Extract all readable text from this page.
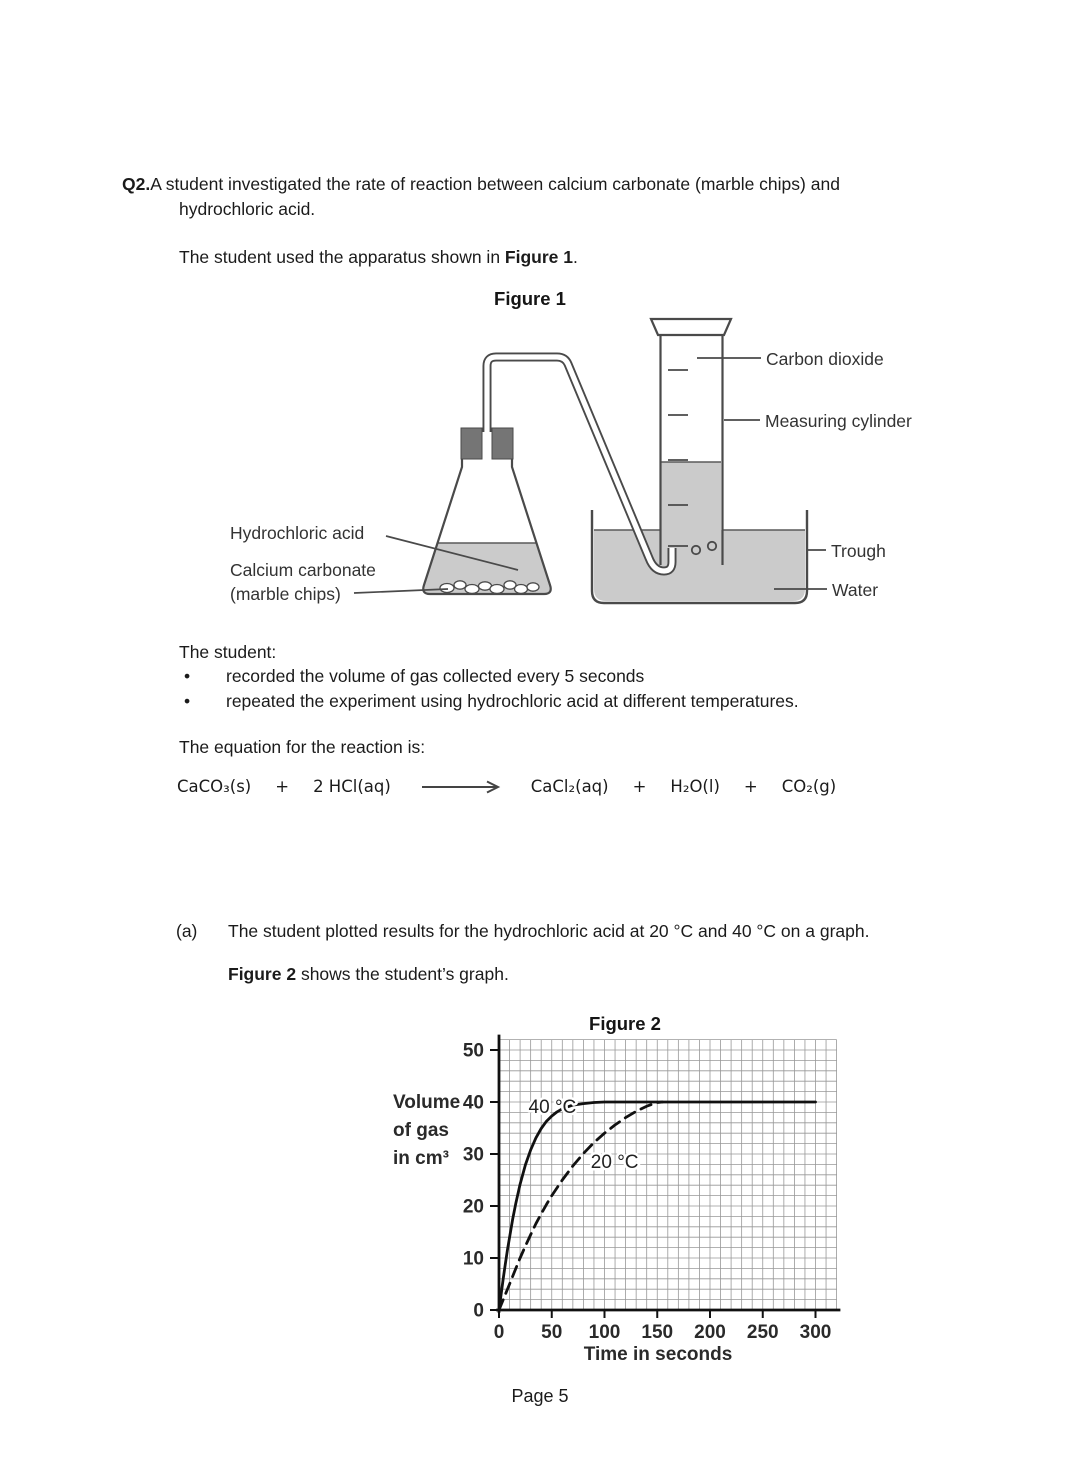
Q2.A student investigated the rate of reaction between calcium carbonate (marble chips) and
hydrochloric acid.
The student used the apparatus shown in Figure 1.
Figure 1
Carbon dioxide
Measuring cylinder
Trough
Water
Hydrochloric acid
Calcium carbonate
(marble chips)
The student:
•	recorded the volume of gas collected every 5 seconds
•	repeated the experiment using hydrochloric acid at different temperatures.
The equation for the reaction is:
CaCO₃(s) + 2 HCl(aq)	CaCl₂(aq) + H₂O(l) + CO₂(g)
(a)	The student plotted results for the hydrochloric acid at 20 °C and 40 °C on a graph.
Figure 2 shows the student’s graph.
Figure 2
0
10
20
30
40
50
0 50 100 150 200 250 300
40 °C
20 °C
Volume
of gas
in cm³
Time in seconds
Page 5
